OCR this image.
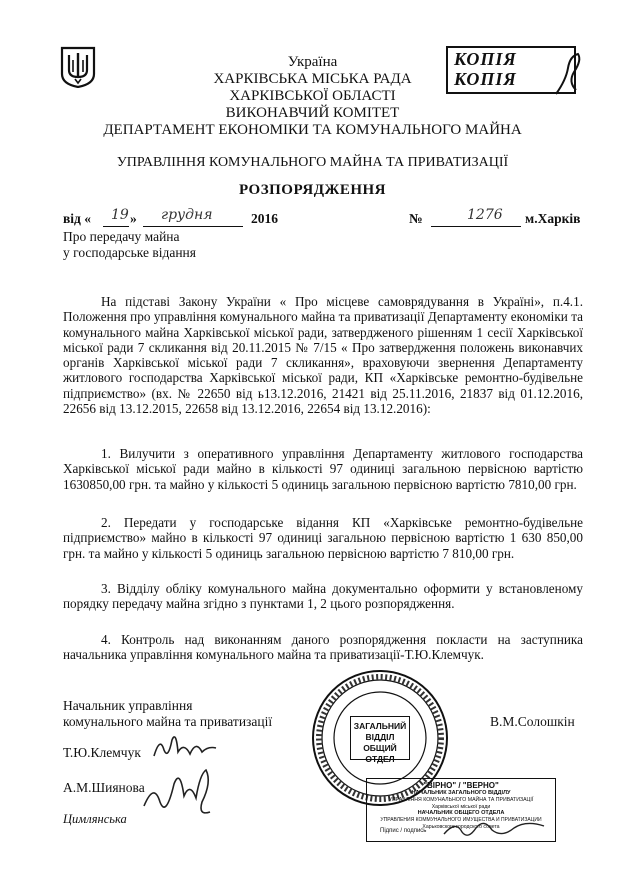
Україна
ХАРКІВСЬКА МІСЬКА РАДА
ХАРКІВСЬКОЇ ОБЛАСТІ
ВИКОНАВЧИЙ КОМІТЕТ
ДЕПАРТАМЕНТ ЕКОНОМІКИ ТА КОМУНАЛЬНОГО МАЙНА
УПРАВЛІННЯ КОМУНАЛЬНОГО МАЙНА ТА ПРИВАТИЗАЦІЇ
КОПІЯ
КОПІЯ
РОЗПОРЯДЖЕННЯ
від « 19 » грудня	2016	№	1276 м.Харків
Про передачу майна
у господарське відання

На підставі Закону України « Про місцеве самоврядування в Україні», п.4.1. Положення про управління комунального майна та приватизації Департаменту економіки та комунального майна Харківської міської ради, затвердженого рішенням 1 сесії Харківської міської ради 7 скликання від 20.11.2015 № 7/15 « Про затвердження положень виконавчих органів Харківської міської ради 7 скликання», враховуючи звернення Департаменту житлового господарства Харківської міської ради, КП «Харківське ремонтно-будівельне підприємство» (вх. № 22650 від ь13.12.2016, 21421 від 25.11.2016, 21837 від 01.12.2016, 22656 від 13.12.2015, 22658 від 13.12.2016, 22654 від 13.12.2016):

1. Вилучити з оперативного управління Департаменту житлового господарства Харківської міської ради майно в кількості 97 одиниці загальною первісною вартістю 1630850,00 грн. та майно у кількості 5 одиниць загальною первісною вартістю 7810,00 грн.

2. Передати у господарське відання КП «Харківське ремонтно-будівельне підприємство» майно в кількості 97 одиниці загальною первісною вартістю 1 630 850,00 грн. та майно у кількості 5 одиниць загальною первісною вартістю 7 810,00 грн.

3. Відділу обліку комунального майна документально оформити у встановленому порядку передачу майна згідно з пунктами 1, 2 цього розпорядження.

4. Контроль над виконанням даного розпорядження покласти на заступника начальника управління комунального майна та приватизації-Т.Ю.Клемчук.

Начальник управління
комунального майна та приватизації	В.М.Солошкін
Т.Ю.Клемчук
А.М.Шиянова
Цимлянська
ЗАГАЛЬНИЙ
ВІДДІЛ
ОБЩИЙ ОТДЕЛ
"ВІРНО" / "ВЕРНО"
НАЧАЛЬНИК ЗАГАЛЬНОГО ВІДДІЛУ
УПРАВЛІННЯ КОМУНАЛЬНОГО МАЙНА ТА ПРИВАТИЗАЦІЇ
Харківської міської ради
НАЧАЛЬНИК ОБЩЕГО ОТДЕЛА
УПРАВЛЕНИЯ КОММУНАЛЬНОГО ИМУЩЕСТВА И ПРИВАТИЗАЦИИ
Харьковского городского совета
Підпис / подпись
